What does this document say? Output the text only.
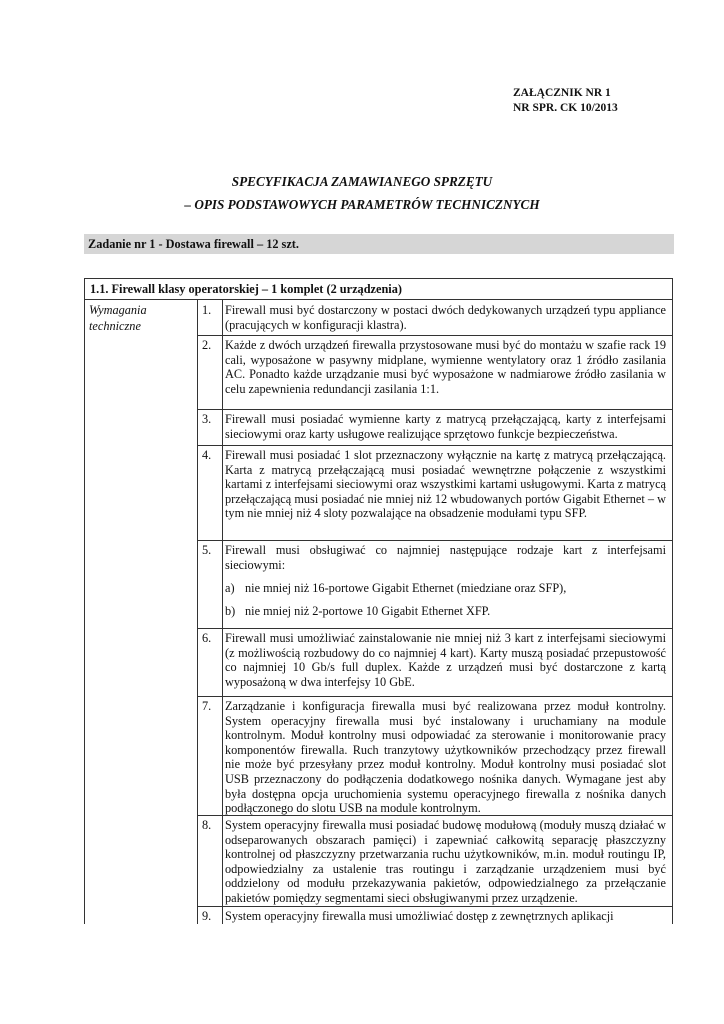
ZAŁĄCZNIK NR 1
NR SPR. CK 10/2013
SPECYFIKACJA ZAMAWIANEGO SPRZĘTU
– OPIS PODSTAWOWYCH PARAMETRÓW TECHNICZNYCH
Zadanie nr 1 - Dostawa firewall – 12 szt.
1.1. Firewall klasy operatorskiej – 1 komplet (2 urządzenia)
Wymagania
techniczne
1.	Firewall musi być dostarczony w postaci dwóch dedykowanych urządzeń typu appliance (pracujących w konfiguracji klastra).

2.	Każde z dwóch urządzeń firewalla przystosowane musi być do montażu w szafie rack 19 cali, wyposażone w pasywny midplane, wymienne wentylatory oraz 1 źródło zasilania AC. Ponadto każde urządzanie musi być wyposażone w nadmiarowe źródło zasilania w celu zapewnienia redundancji zasilania 1:1.

3.	Firewall musi posiadać wymienne karty z matrycą przełączającą, karty z interfejsami sieciowymi oraz karty usługowe realizujące sprzętowo funkcje bezpieczeństwa.

4.	Firewall musi posiadać 1 slot przeznaczony wyłącznie na kartę z matrycą przełączającą. Karta z matrycą przełączającą musi posiadać wewnętrzne połączenie z wszystkimi kartami z interfejsami sieciowymi oraz wszystkimi kartami usługowymi. Karta z matrycą przełączającą musi posiadać nie mniej niż 12 wbudowanych portów Gigabit Ethernet – w tym nie mniej niż 4 sloty pozwalające na obsadzenie modułami typu SFP.

5.	Firewall musi obsługiwać co najmniej następujące rodzaje kart z interfejsami sieciowymi:

a) nie mniej niż 16-portowe Gigabit Ethernet (miedziane oraz SFP),
b) nie mniej niż 2-portowe 10 Gigabit Ethernet XFP.
6.	Firewall musi umożliwiać zainstalowanie nie mniej niż 3 kart z interfejsami sieciowymi (z możliwością rozbudowy do co najmniej 4 kart). Karty muszą posiadać przepustowość co najmniej 10 Gb/s full duplex. Każde z urządzeń musi być dostarczone z kartą wyposażoną w dwa interfejsy 10 GbE.

7.	Zarządzanie i konfiguracja firewalla musi być realizowana przez moduł kontrolny. System operacyjny firewalla musi być instalowany i uruchamiany na module kontrolnym. Moduł kontrolny musi odpowiadać za sterowanie i monitorowanie pracy komponentów firewalla. Ruch tranzytowy użytkowników przechodzący przez firewall nie może być przesyłany przez moduł kontrolny. Moduł kontrolny musi posiadać slot USB przeznaczony do podłączenia dodatkowego nośnika danych. Wymagane jest aby była dostępna opcja uruchomienia systemu operacyjnego firewalla z nośnika danych podłączonego do slotu USB na module kontrolnym.

8.	System operacyjny firewalla musi posiadać budowę modułową (moduły muszą działać w odseparowanych obszarach pamięci) i zapewniać całkowitą separację płaszczyzny kontrolnej od płaszczyzny przetwarzania ruchu użytkowników, m.in. moduł routingu IP, odpowiedzialny za ustalenie tras routingu i zarządzanie urządzeniem musi być oddzielony od modułu przekazywania pakietów, odpowiedzialnego za przełączanie pakietów pomiędzy segmentami sieci obsługiwanymi przez urządzenie.

9.	System operacyjny firewalla musi umożliwiać dostęp z zewnętrznych aplikacji
